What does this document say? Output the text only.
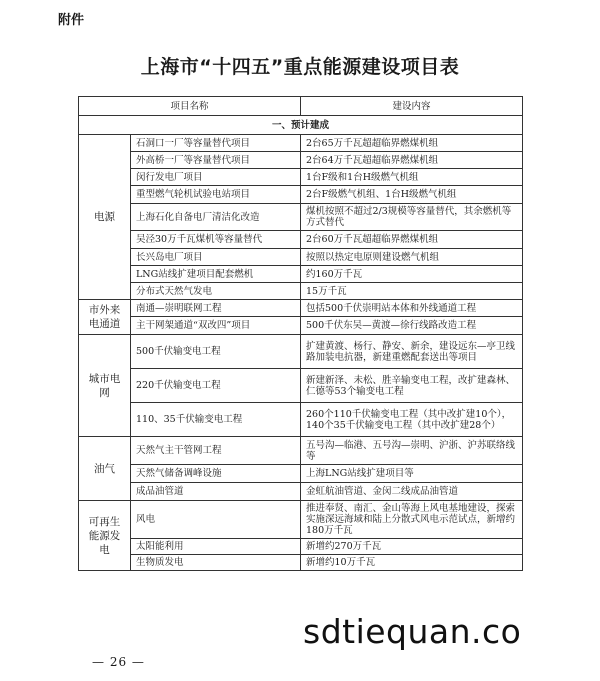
附件
上海市“十四五”重点能源建设项目表
项目名称		建设内容
一、预计建成		
电源	石洞口一厂等容量替代项目	2台65万千瓦超超临界燃煤机组
	外高桥一厂等容量替代项目	2台64万千瓦超超临界燃煤机组
	闵行发电厂项目	1台F级和1台H级燃气机组
	重型燃气轮机试验电站项目	2台F级燃气机组、1台H级燃气机组
	上海石化自备电厂清洁化改造	煤机按照不超过2/3规模等容量替代，其余燃机等方式替代
	吴泾30万千瓦煤机等容量替代	2台60万千瓦超超临界燃煤机组
	长兴岛电厂项目	按照以热定电原则建设燃气机组
	LNG站线扩建项目配套燃机	约160万千瓦
	分布式天然气发电	15万千瓦
市外来电通道	南通—崇明联网工程	包括500千伏崇明站本体和外线通道工程
	主干网架通道“双改四”项目	500千伏东吴—黄渡—徐行线路改造工程
城市电网	500千伏输变电工程	扩建黄渡、杨行、静安、新余，建设远东—亭卫线路加装电抗器，新建重燃配套送出等项目
	220千伏输变电工程	新建新泽、未松、胜辛输变电工程，改扩建森林、仁德等53个输变电工程
	110、35千伏输变电工程	260个110千伏输变电工程（其中改扩建10个），140个35千伏输变电工程（其中改扩建28个）
油气	天然气主干管网工程	五号沟—临港、五号沟—崇明、沪浙、沪苏联络线等
	天然气储备调峰设施	上海LNG站线扩建项目等
	成品油管道	金虹航油管道、金闵二线成品油管道
可再生能源发电	风电	推进奉贤、南汇、金山等海上风电基地建设，探索实施深远海域和陆上分散式风电示范试点，新增约180万千瓦
	太阳能利用	新增约270万千瓦
	生物质发电	新增约10万千瓦
— 26 —
sdtiequan.co
